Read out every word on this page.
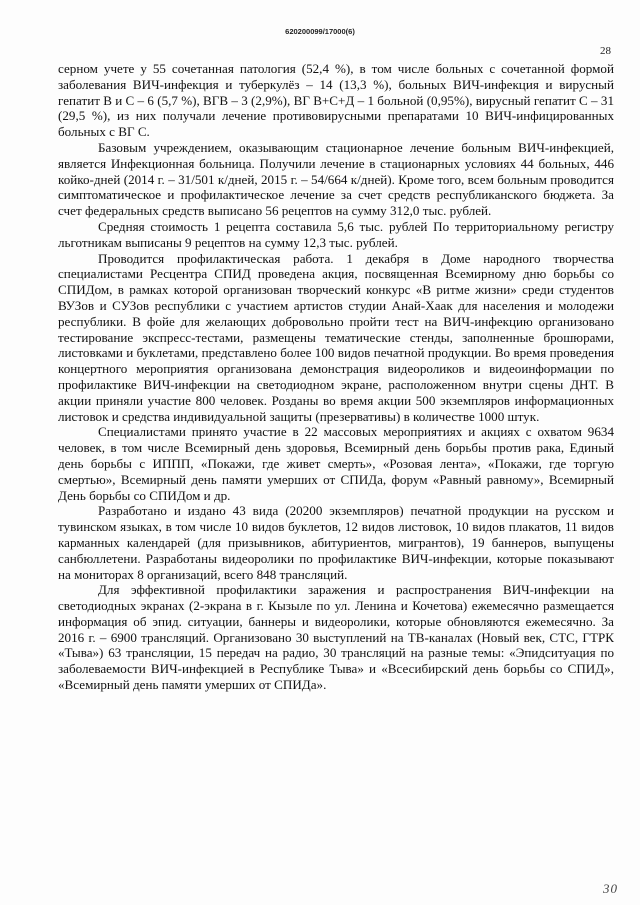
620200099/17000(6)
28

серном учете у 55 сочетанная патология (52,4 %), в том числе больных с сочетанной формой заболевания ВИЧ-инфекция и туберкулёз – 14 (13,3 %), больных ВИЧ-инфекция и вирусный гепатит В и С – 6 (5,7 %), ВГВ – 3 (2,9%), ВГ В+С+Д – 1 больной (0,95%), вирусный гепатит С – 31 (29,5 %), из них получали лечение противовирусными препаратами 10 ВИЧ-инфицированных больных с ВГ С.

Базовым учреждением, оказывающим стационарное лечение больным ВИЧ-инфекцией, является Инфекционная больница. Получили лечение в стационарных условиях 44 больных, 446 койко-дней (2014 г. – 31/501 к/дней, 2015 г. – 54/664 к/дней). Кроме того, всем больным проводится симптоматическое и профилактическое лечение за счет средств республиканского бюджета. За счет федеральных средств выписано 56 рецептов на сумму 312,0 тыс. рублей.

Средняя стоимость 1 рецепта составила 5,6 тыс. рублей По территориальному регистру льготникам выписаны 9 рецептов на сумму 12,3 тыс. рублей.

Проводится профилактическая работа. 1 декабря в Доме народного творчества специалистами Ресцентра СПИД проведена акция, посвященная Всемирному дню борьбы со СПИДом, в рамках которой организован творческий конкурс «В ритме жизни» среди студентов ВУЗов и СУЗов республики с участием артистов студии Анай-Хаак для населения и молодежи республики. В фойе для желающих добровольно пройти тест на ВИЧ-инфекцию организовано тестирование экспресс-тестами, размещены тематические стенды, заполненные брошюрами, листовками и буклетами, представлено более 100 видов печатной продукции. Во время проведения концертного мероприятия организована демонстрация видеороликов и видеоинформации по профилактике ВИЧ-инфекции на светодиодном экране, расположенном внутри сцены ДНТ. В акции приняли участие 800 человек. Розданы во время акции 500 экземпляров информационных листовок и средства индивидуальной защиты (презервативы) в количестве 1000 штук.

Специалистами принято участие в 22 массовых мероприятиях и акциях с охватом 9634 человек, в том числе Всемирный день здоровья, Всемирный день борьбы против рака, Единый день борьбы с ИППП, «Покажи, где живет смерть», «Розовая лента», «Покажи, где торгую смертью», Всемирный день памяти умерших от СПИДа, форум «Равный равному», Всемирный День борьбы со СПИДом и др.

Разработано и издано 43 вида (20200 экземпляров) печатной продукции на русском и тувинском языках, в том числе 10 видов буклетов, 12 видов листовок, 10 видов плакатов, 11 видов карманных календарей (для призывников, абитуриентов, мигрантов), 19 баннеров, выпущены санбюллетени. Разработаны видеоролики по профилактике ВИЧ-инфекции, которые показывают на мониторах 8 организаций, всего 848 трансляций.

Для эффективной профилактики заражения и распространения ВИЧ-инфекции на светодиодных экранах (2-экрана в г. Кызыле по ул. Ленина и Кочетова) ежемесячно размещается информация об эпид. ситуации, баннеры и видеоролики, которые обновляются ежемесячно. За 2016 г. – 6900 трансляций. Организовано 30 выступлений на ТВ-каналах (Новый век, СТС, ГТРК «Тыва») 63 трансляции, 15 передач на радио, 30 трансляций на разные темы: «Эпидситуация по заболеваемости ВИЧ-инфекцией в Республике Тыва» и «Всесибирский день борьбы со СПИД», «Всемирный день памяти умерших от СПИДа».

30
